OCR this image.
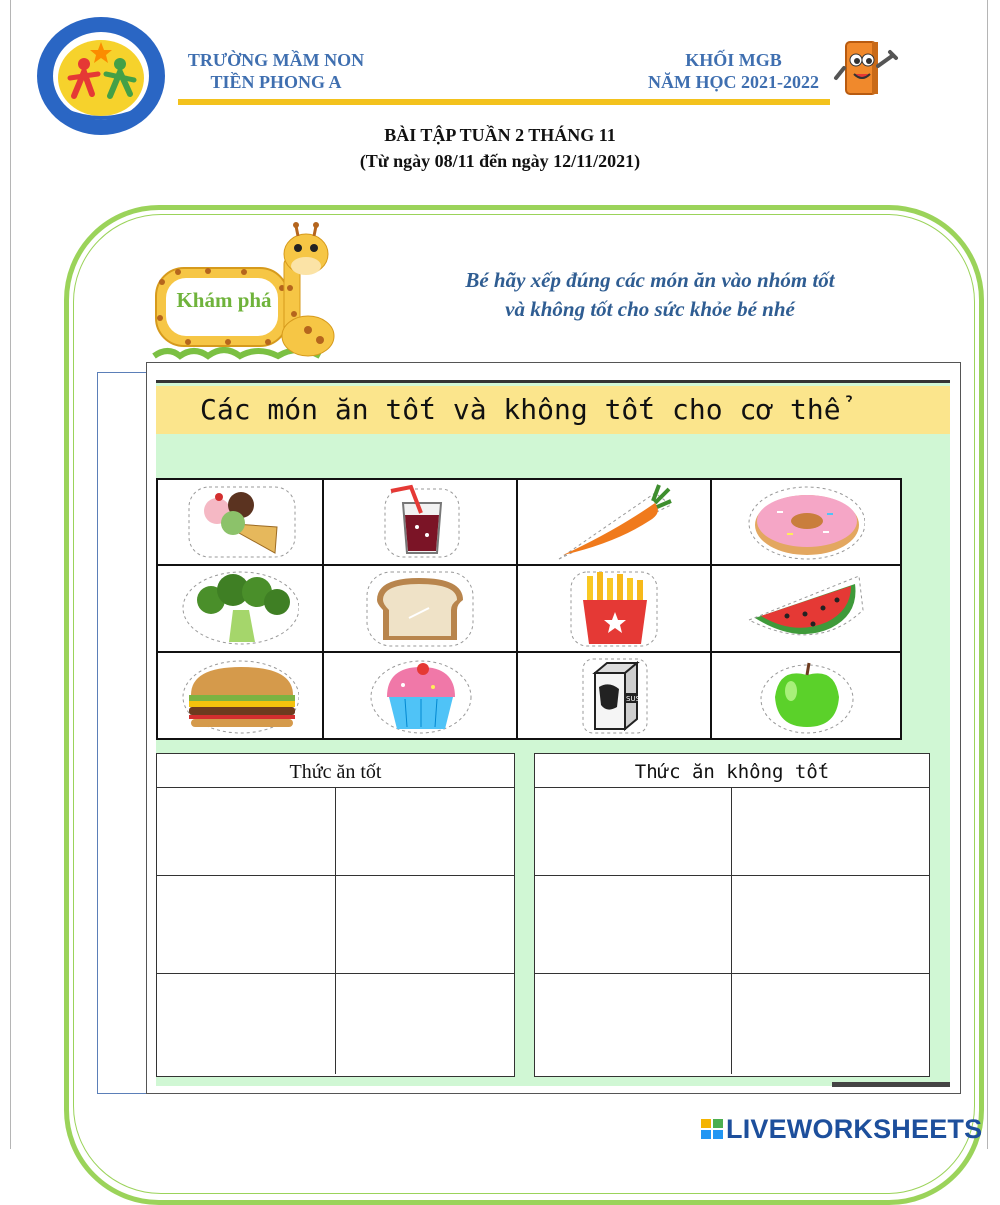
TRƯỜNG MẦM NON
TIỀN PHONG A
KHỐI MGB
NĂM HỌC 2021-2022
BÀI TẬP TUẦN 2 THÁNG 11
(Từ ngày 08/11 đến ngày 12/11/2021)
Khám phá
Bé hãy xếp đúng các món ăn vào nhóm tốt
và không tốt cho sức khỏe bé nhé
Các món ăn tốt và không tốt cho cơ thể
SUSU
Thức ăn tốt	Thức ăn không tốt
LIVEWORKSHEETS
